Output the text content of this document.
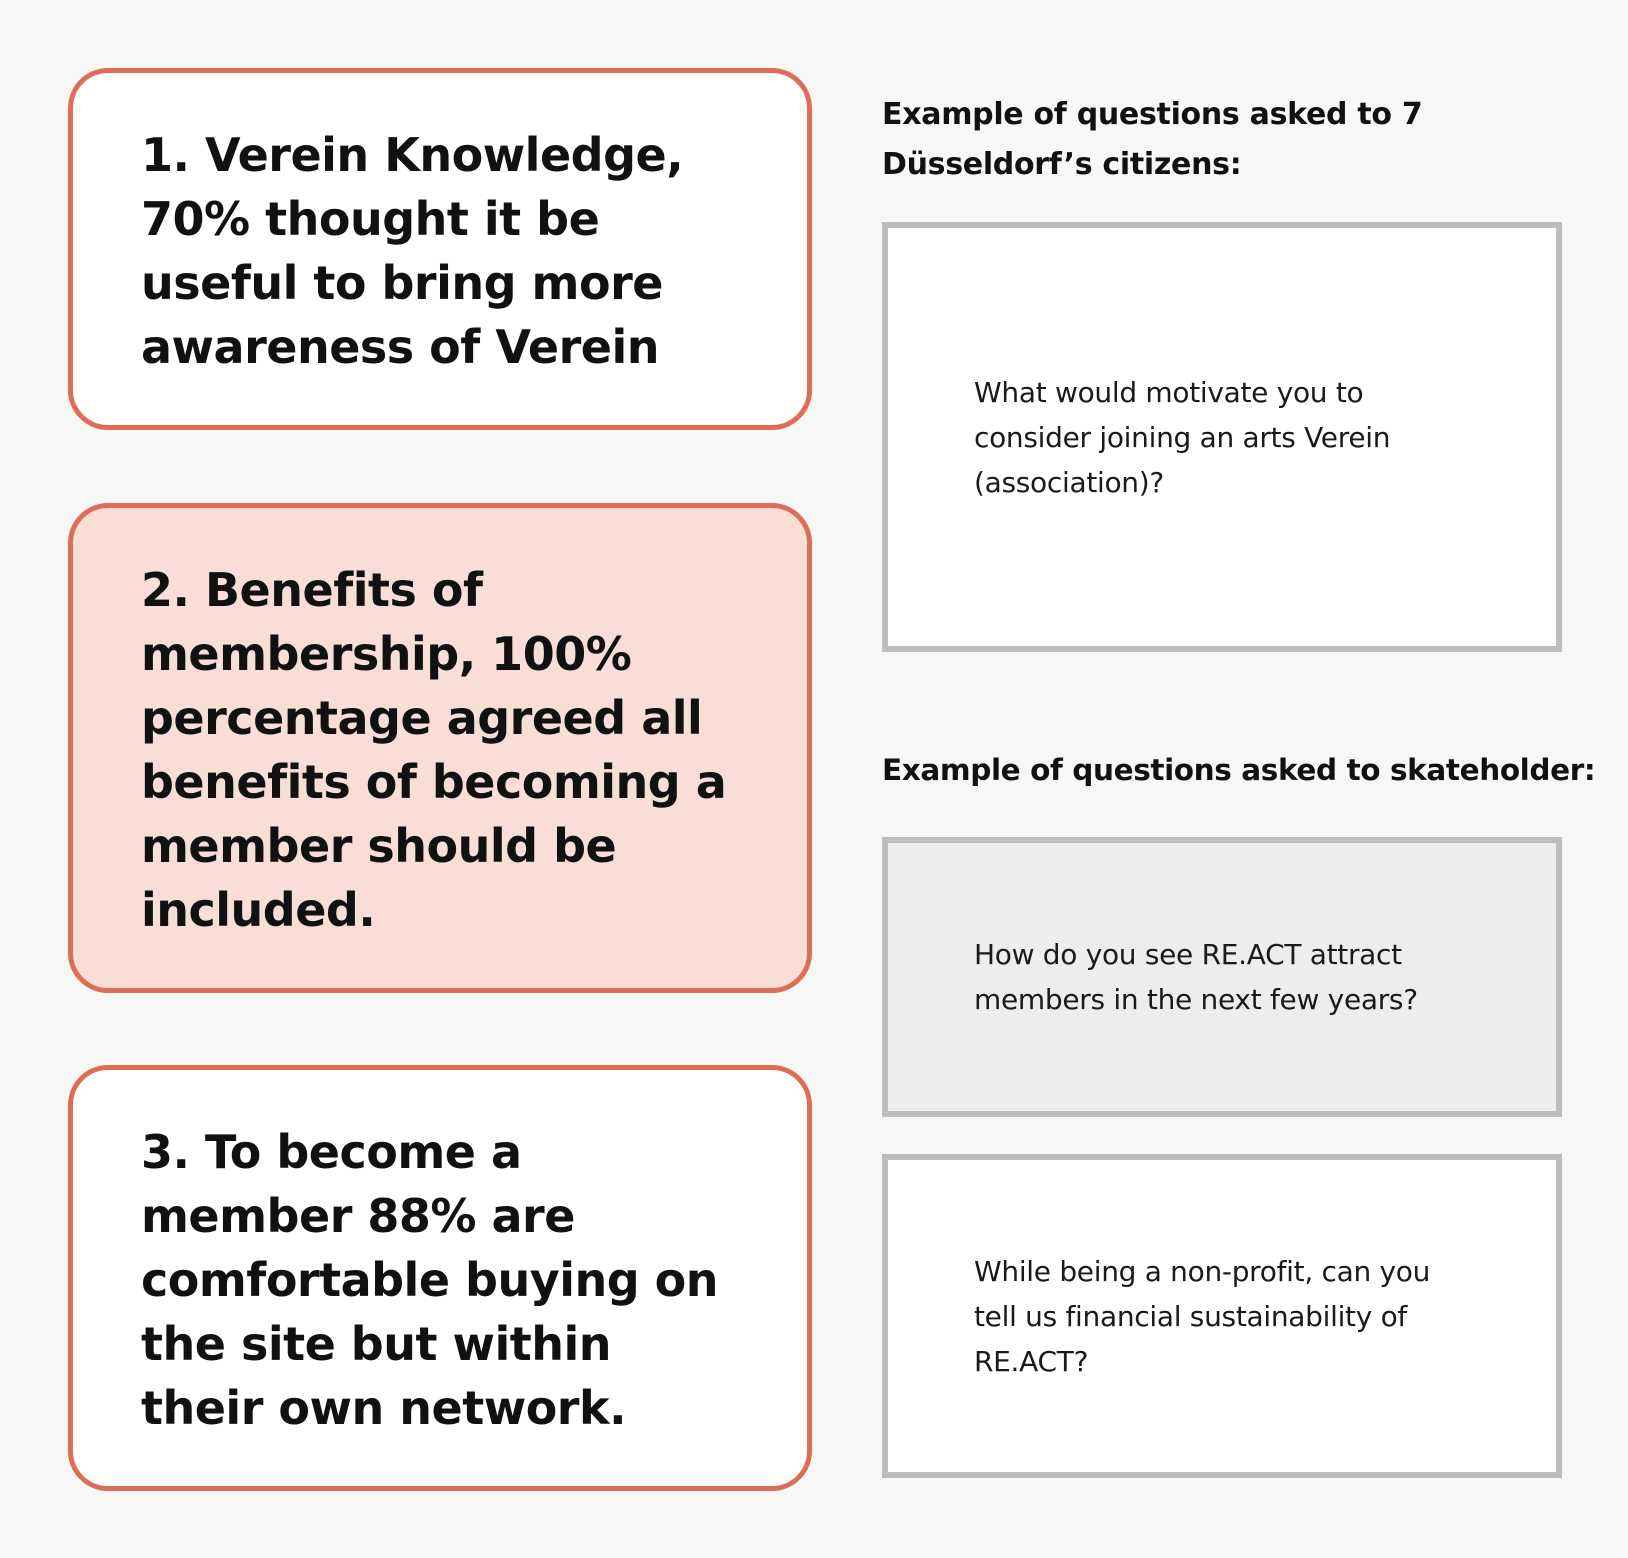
1. Verein Knowledge, 70% thought it be useful to bring more awareness of Verein

2. Benefits of membership, 100% percentage agreed all benefits of becoming a member should be included.

3. To become a member 88% are comfortable buying on the site but within their own network.

Example of questions asked to 7 Düsseldorf’s citizens:

What would motivate you to consider joining an arts Verein (association)?

Example of questions asked to skateholder:

How do you see RE.ACT attract members in the next few years?

While being a non-profit, can you tell us financial sustainability of RE.ACT?
